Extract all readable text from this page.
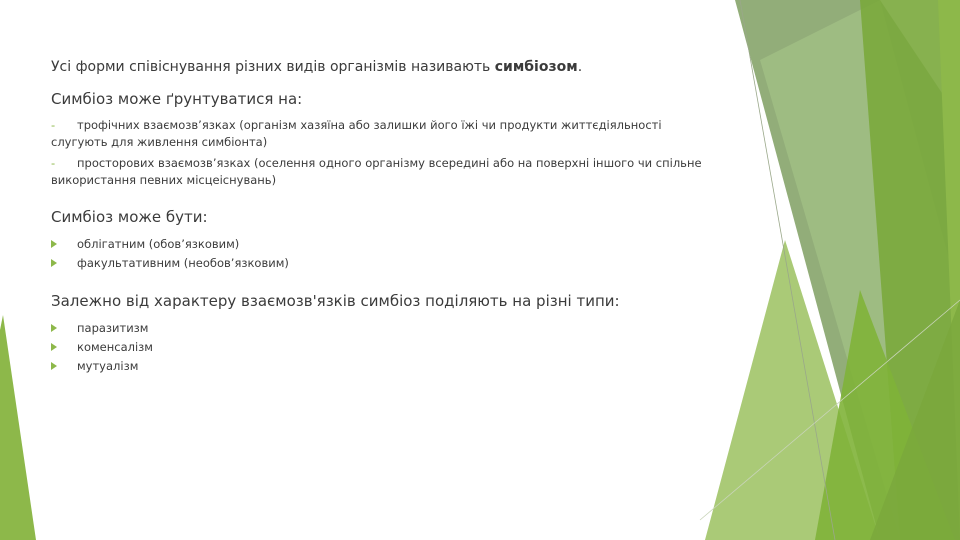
Усі форми співіснування різних видів організмів називають симбіозом.

Симбіоз може ґрунтуватися на:

- трофічних взаємозв’язках (організм хазяїна або залишки його їжі чи продукти життєдіяльності слугують для живлення симбіонта)
- просторових взаємозв’язках (оселення одного організму всередині або на поверхні іншого чи спільне використання певних місцеіснувань)

Симбіоз може бути:

облігатним (обов’язковим)
факультативним (необов’язковим)

Залежно від характеру взаємозв'язків симбіоз поділяють на різні типи:

паразитизм
коменсалізм
мутуалізм
